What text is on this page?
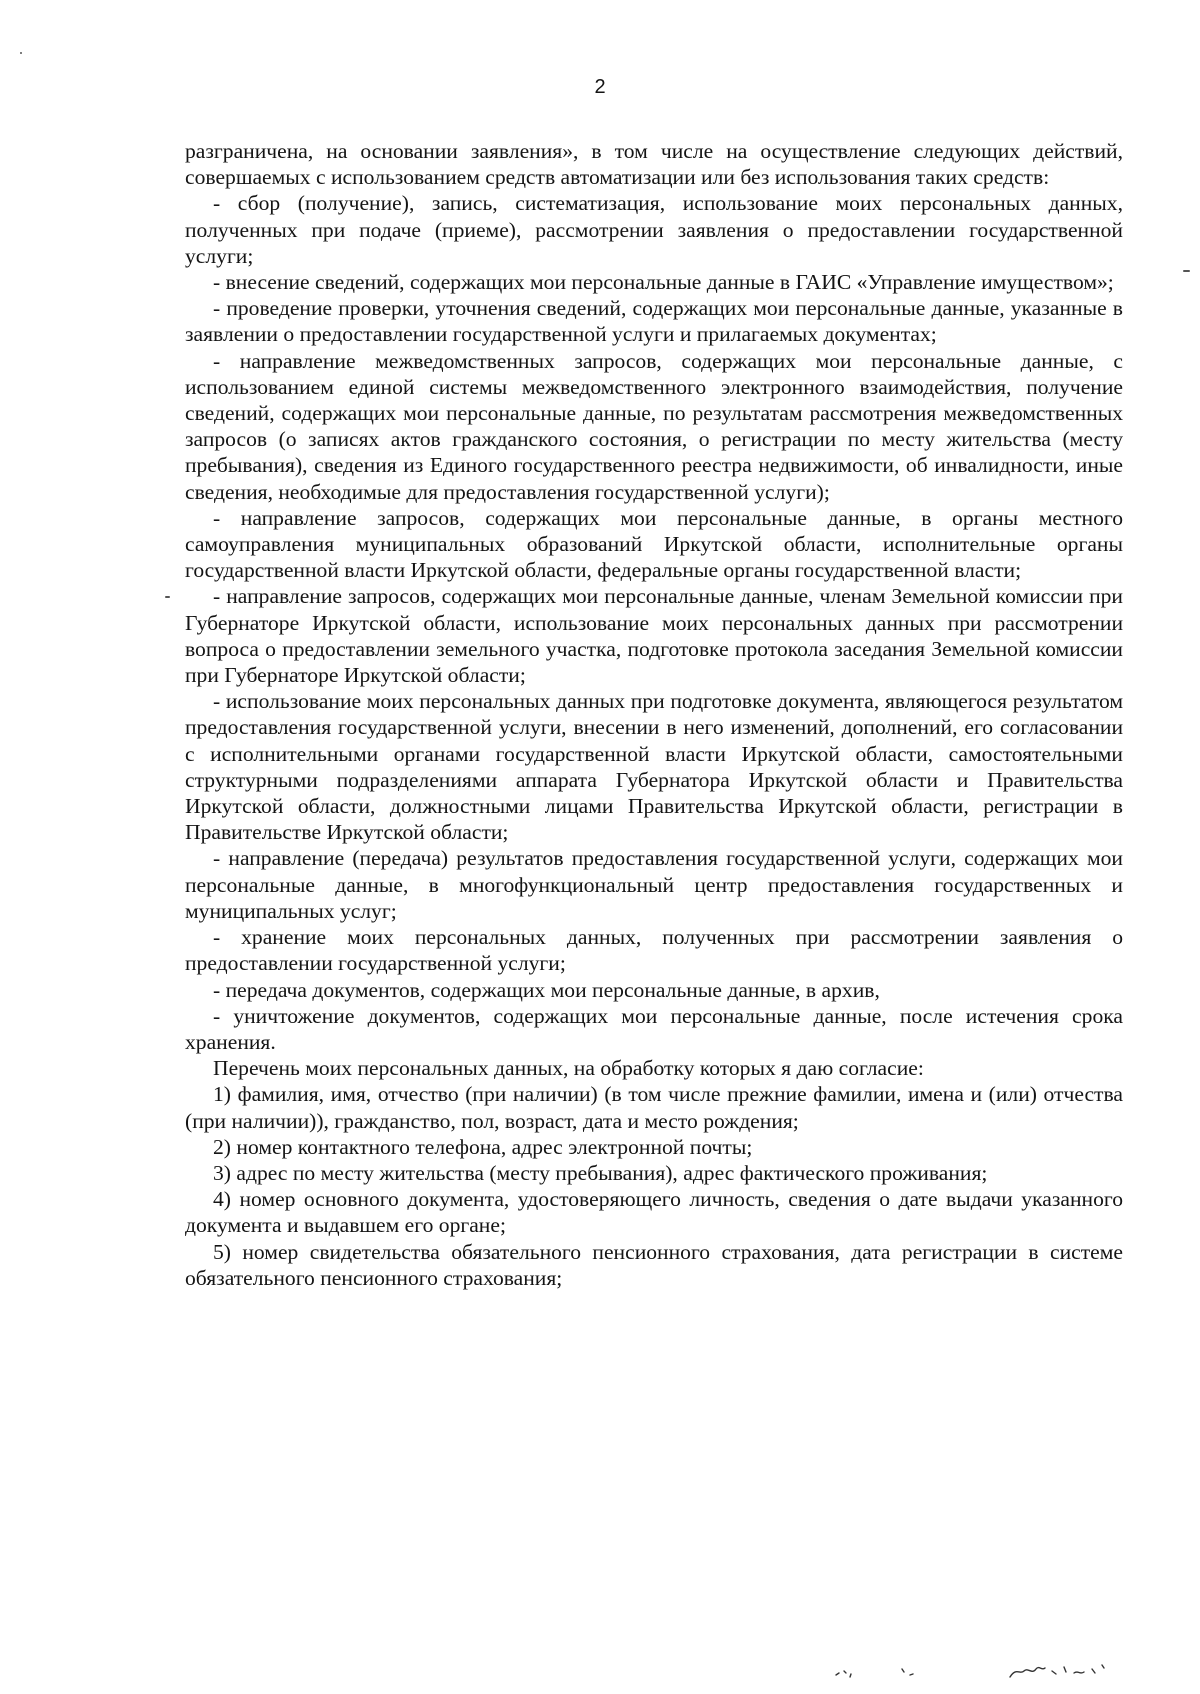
2

разграничена, на основании заявления», в том числе на осуществление следующих действий, совершаемых с использованием средств автоматизации или без использования таких средств:

- сбор (получение), запись, систематизация, использование моих персональных данных, полученных при подаче (приеме), рассмотрении заявления о предоставлении государственной услуги;

- внесение сведений, содержащих мои персональные данные в ГАИС «Управление имуществом»;

- проведение проверки, уточнения сведений, содержащих мои персональные данные, указанные в заявлении о предоставлении государственной услуги и прилагаемых документах;

- направление межведомственных запросов, содержащих мои персональные данные, с использованием единой системы межведомственного электронного взаимодействия, получение сведений, содержащих мои персональные данные, по результатам рассмотрения межведомственных запросов (о записях актов гражданского состояния, о регистрации по месту жительства (месту пребывания), сведения из Единого государственного реестра недвижимости, об инвалидности, иные сведения, необходимые для предоставления государственной услуги);

- направление запросов, содержащих мои персональные данные, в органы местного самоуправления муниципальных образований Иркутской области, исполнительные органы государственной власти Иркутской области, федеральные органы государственной власти;

- направление запросов, содержащих мои персональные данные, членам Земельной комиссии при Губернаторе Иркутской области, использование моих персональных данных при рассмотрении вопроса о предоставлении земельного участка, подготовке протокола заседания Земельной комиссии при Губернаторе Иркутской области;

- использование моих персональных данных при подготовке документа, являющегося результатом предоставления государственной услуги, внесении в него изменений, дополнений, его согласовании с исполнительными органами государственной власти Иркутской области, самостоятельными структурными подразделениями аппарата Губернатора Иркутской области и Правительства Иркутской области, должностными лицами Правительства Иркутской области, регистрации в Правительстве Иркутской области;

- направление (передача) результатов предоставления государственной услуги, содержащих мои персональные данные, в многофункциональный центр предоставления государственных и муниципальных услуг;

- хранение моих персональных данных, полученных при рассмотрении заявления о предоставлении государственной услуги;

- передача документов, содержащих мои персональные данные, в архив,

- уничтожение документов, содержащих мои персональные данные, после истечения срока хранения.

Перечень моих персональных данных, на обработку которых я даю согласие:

1) фамилия, имя, отчество (при наличии) (в том числе прежние фамилии, имена и (или) отчества (при наличии)), гражданство, пол, возраст, дата и место рождения;

2) номер контактного телефона, адрес электронной почты;

3) адрес по месту жительства (месту пребывания), адрес фактического проживания;

4) номер основного документа, удостоверяющего личность, сведения о дате выдачи указанного документа и выдавшем его органе;

5) номер свидетельства обязательного пенсионного страхования, дата регистрации в системе обязательного пенсионного страхования;
